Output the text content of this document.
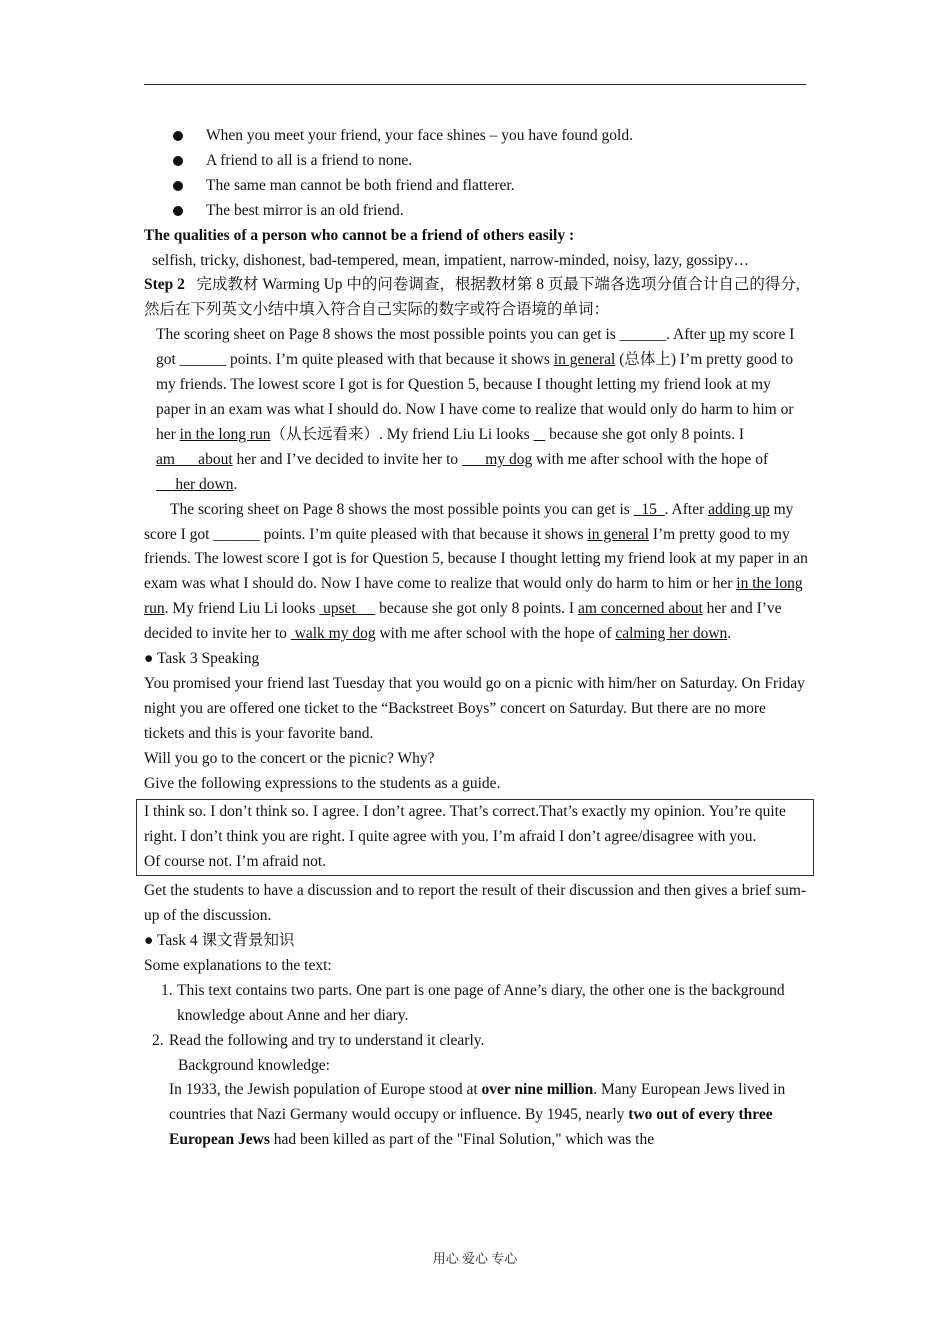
When you meet your friend, your face shines – you have found gold.
A friend to all is a friend to none.
The same man cannot be both friend and flatterer.
The best mirror is an old friend.

The qualities of a person who cannot be a friend of others easily :

selfish, tricky, dishonest, bad-tempered, mean, impatient, narrow-minded, noisy, lazy, gossipy…

Step 2 完成教材 Warming Up 中的问卷调查，根据教材第 8 页最下端各选项分值合计自己的得分,然后在下列英文小结中填入符合自己实际的数字或符合语境的单词：

The scoring sheet on Page 8 shows the most possible points you can get is ______. After up my score I got ______ points. I’m quite pleased with that because it shows in general (总体上) I’m pretty good to my friends. The lowest score I got is for Question 5, because I thought letting my friend look at my paper in an exam was what I should do. Now I have come to realize that would only do harm to him or her in the long run（从长远看来）. My friend Liu Li looks     because she got only 8 points. I am      about her and I’ve decided to invite her to       my dog with me after school with the hope of     her down.

The scoring sheet on Page 8 shows the most possible points you can get is   15  . After adding up my score I got ______ points. I’m quite pleased with that because it shows in general I’m pretty good to my friends. The lowest score I got is for Question 5, because I thought letting my friend look at my paper in an exam was what I should do. Now I have come to realize that would only do harm to him or her in the long run. My friend Liu Li looks  upset      because she got only 8 points. I am concerned about her and I’ve decided to invite her to  walk my dog with me after school with the hope of calming her down.

● Task 3 Speaking

You promised your friend last Tuesday that you would go on a picnic with him/her on Saturday. On Friday night you are offered one ticket to the “Backstreet Boys” concert on Saturday. But there are no more tickets and this is your favorite band.

Will you go to the concert or the picnic? Why?

Give the following expressions to the students as a guide.

I think so. I don’t think so. I agree. I don’t agree. That’s correct.That’s exactly my opinion. You’re quite right. I don’t think you are right. I quite agree with you. I’m afraid I don’t agree/disagree with you.

Of course not. I’m afraid not.

Get the students to have a discussion and to report the result of their discussion and then gives a brief sum-up of the discussion.

● Task 4 课文背景知识

Some explanations to the text:

1. This text contains two parts. One part is one page of Anne’s diary, the other one is the background knowledge about Anne and her diary.
2. Read the following and try to understand it clearly.

Background knowledge:

In 1933, the Jewish population of Europe stood at over nine million. Many European Jews lived in countries that Nazi Germany would occupy or influence. By 1945, nearly two out of every three European Jews had been killed as part of the "Final Solution," which was the

用心 爱心 专心
